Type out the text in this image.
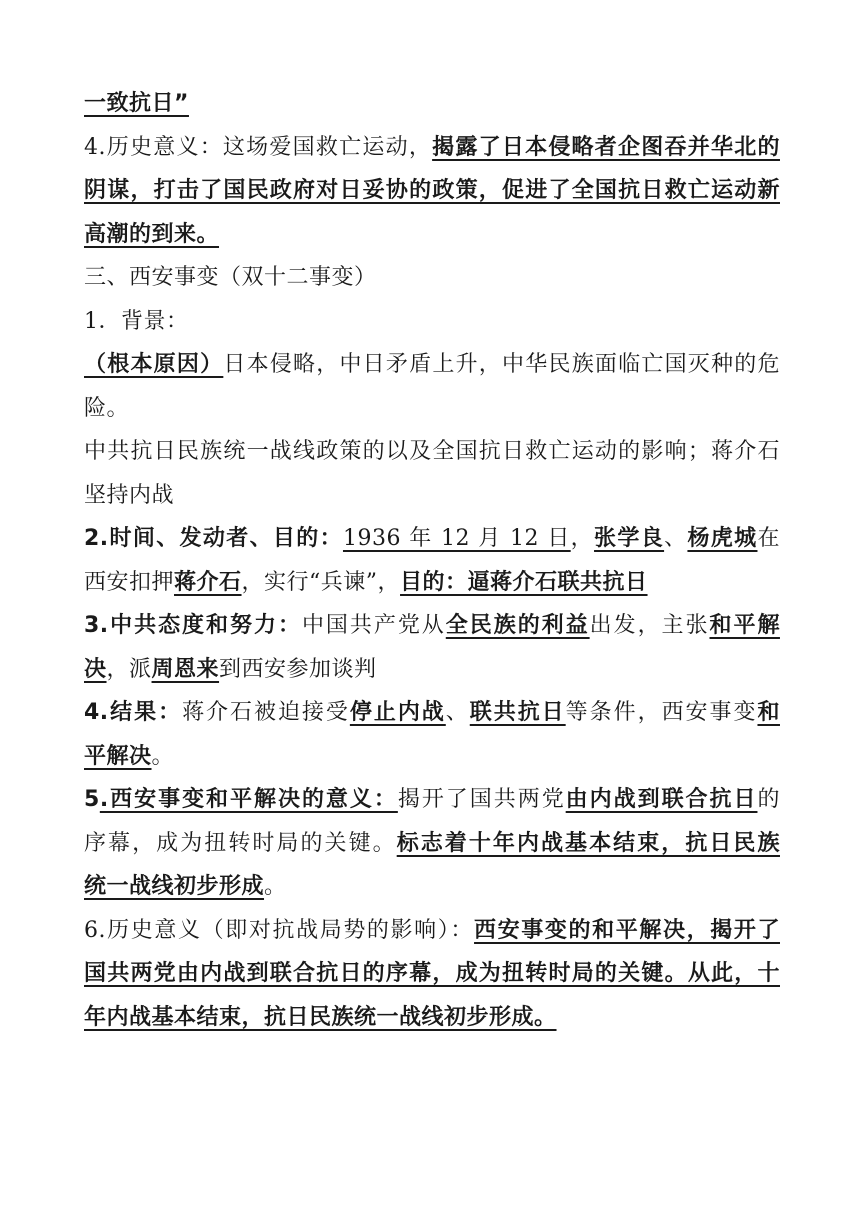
一致抗日”
4.历史意义：这场爱国救亡运动，揭露了日本侵略者企图吞并华北的
阴谋，打击了国民政府对日妥协的政策，促进了全国抗日救亡运动新
高潮的到来。
三、西安事变（双十二事变）
1．背景：
（根本原因）日本侵略，中日矛盾上升，中华民族面临亡国灭种的危
险。
中共抗日民族统一战线政策的以及全国抗日救亡运动的影响；蒋介石
坚持内战
2.时间、发动者、目的：1936 年 12 月 12 日，张学良、杨虎城在
西安扣押蒋介石，实行“兵谏”，目的：逼蒋介石联共抗日
3.中共态度和努力：中国共产党从全民族的利益出发，主张和平解
决，派周恩来到西安参加谈判
4.结果：蒋介石被迫接受停止内战、联共抗日等条件，西安事变和
平解决。
5.西安事变和平解决的意义：揭开了国共两党由内战到联合抗日的
序幕，成为扭转时局的关键。标志着十年内战基本结束，抗日民族
统一战线初步形成。
6.历史意义（即对抗战局势的影响）：西安事变的和平解决，揭开了
国共两党由内战到联合抗日的序幕，成为扭转时局的关键。从此，十
年内战基本结束，抗日民族统一战线初步形成。
